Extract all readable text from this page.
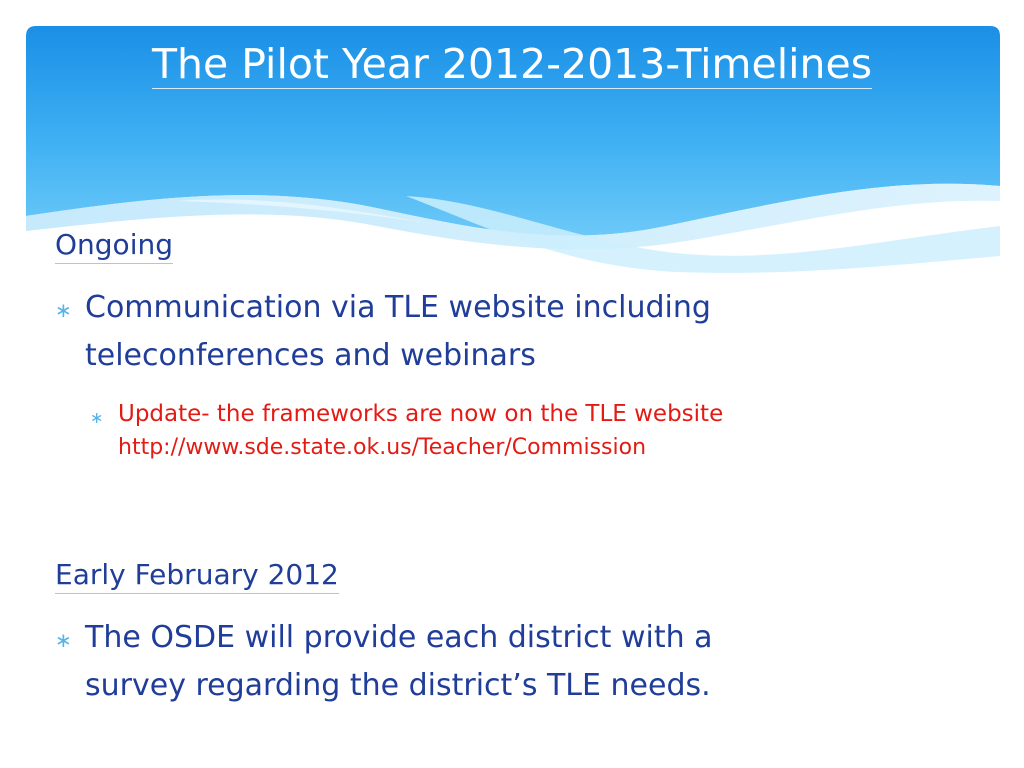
The Pilot Year 2012-2013-Timelines
Ongoing
∗ Communication via TLE website including
teleconferences and webinars
∗ Update- the frameworks are now on the TLE website
http://www.sde.state.ok.us/Teacher/Commission
Early February 2012
∗ The OSDE will provide each district with a
survey regarding the district’s TLE needs.
